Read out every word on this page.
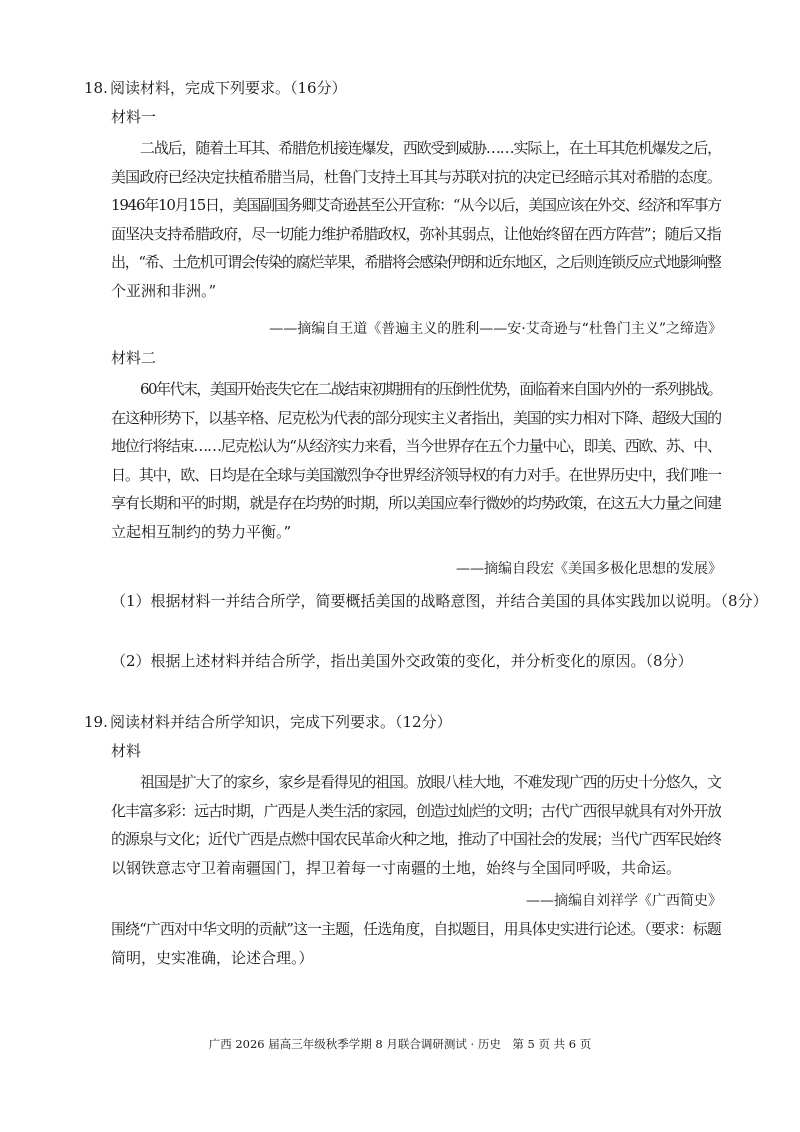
18. 阅读材料，完成下列要求。（16分）
材料一
二战后，随着土耳其、希腊危机接连爆发，西欧受到威胁……实际上，在土耳其危机爆发之后，
美国政府已经决定扶植希腊当局，杜鲁门支持土耳其与苏联对抗的决定已经暗示其对希腊的态度。
1946年10月15日，美国副国务卿艾奇逊甚至公开宣称：“从今以后，美国应该在外交、经济和军事方
面坚决支持希腊政府，尽一切能力维护希腊政权，弥补其弱点，让他始终留在西方阵营”；随后又指
出，“希、土危机可谓会传染的腐烂苹果，希腊将会感染伊朗和近东地区，之后则连锁反应式地影响整
个亚洲和非洲。”
——摘编自王道《普遍主义的胜利——安·艾奇逊与“杜鲁门主义”之缔造》
材料二
60年代末，美国开始丧失它在二战结束初期拥有的压倒性优势，面临着来自国内外的一系列挑战。
在这种形势下，以基辛格、尼克松为代表的部分现实主义者指出，美国的实力相对下降、超级大国的
地位行将结束……尼克松认为“从经济实力来看，当今世界存在五个力量中心，即美、西欧、苏、中、
日。其中，欧、日均是在全球与美国激烈争夺世界经济领导权的有力对手。在世界历史中，我们唯一
享有长期和平的时期，就是存在均势的时期，所以美国应奉行微妙的均势政策，在这五大力量之间建
立起相互制约的势力平衡。”
——摘编自段宏《美国多极化思想的发展》
（1）根据材料一并结合所学，简要概括美国的战略意图，并结合美国的具体实践加以说明。（8分）
（2）根据上述材料并结合所学，指出美国外交政策的变化，并分析变化的原因。（8分）
19. 阅读材料并结合所学知识，完成下列要求。（12分）
材料
祖国是扩大了的家乡，家乡是看得见的祖国。放眼八桂大地，不难发现广西的历史十分悠久，文
化丰富多彩：远古时期，广西是人类生活的家园，创造过灿烂的文明；古代广西很早就具有对外开放
的源泉与文化；近代广西是点燃中国农民革命火种之地，推动了中国社会的发展；当代广西军民始终
以钢铁意志守卫着南疆国门，捍卫着每一寸南疆的土地，始终与全国同呼吸，共命运。
——摘编自刘祥学《广西简史》
围绕“广西对中华文明的贡献”这一主题，任选角度，自拟题目，用具体史实进行论述。（要求：标题
简明，史实准确，论述合理。）
广西 2026 届高三年级秋季学期 8 月联合调研测试 · 历史　第 5 页 共 6 页
